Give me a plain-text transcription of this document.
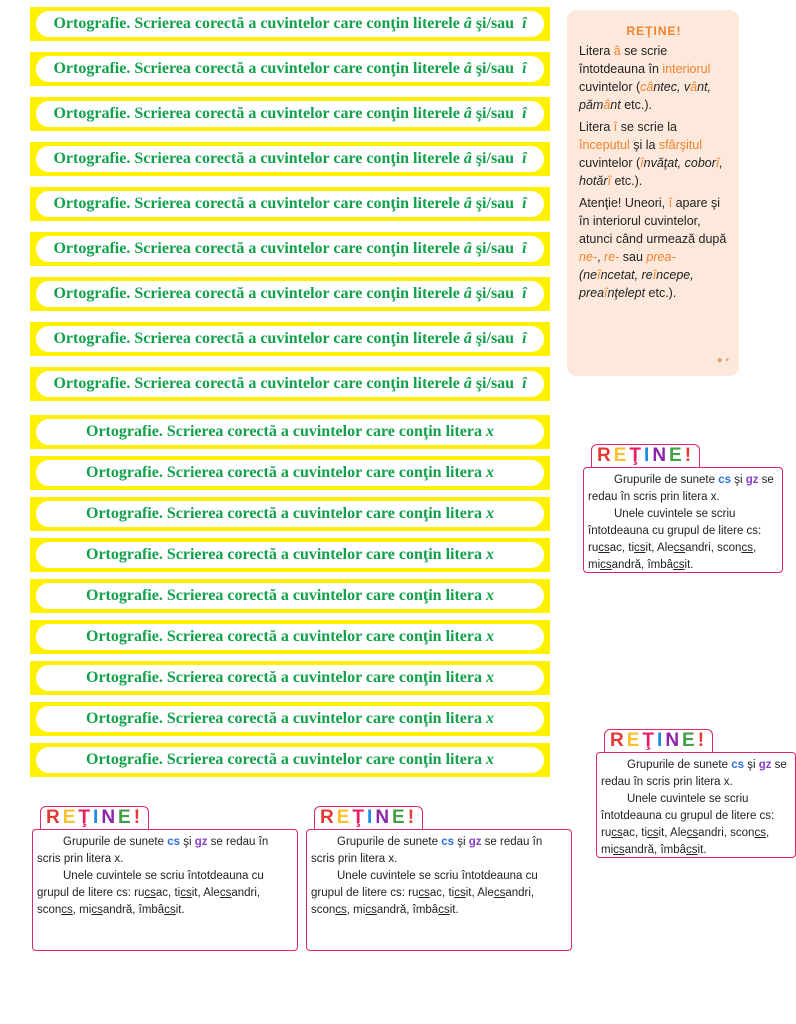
Ortografie. Scrierea corectă a cuvintelor care conţin literele â şi/sau î
Ortografie. Scrierea corectă a cuvintelor care conţin literele â şi/sau î
Ortografie. Scrierea corectă a cuvintelor care conţin literele â şi/sau î
Ortografie. Scrierea corectă a cuvintelor care conţin literele â şi/sau î
Ortografie. Scrierea corectă a cuvintelor care conţin literele â şi/sau î
Ortografie. Scrierea corectă a cuvintelor care conţin literele â şi/sau î
Ortografie. Scrierea corectă a cuvintelor care conţin literele â şi/sau î
Ortografie. Scrierea corectă a cuvintelor care conţin literele â şi/sau î
Ortografie. Scrierea corectă a cuvintelor care conţin literele â şi/sau î
Ortografie. Scrierea corectă a cuvintelor care conţin litera x
Ortografie. Scrierea corectă a cuvintelor care conţin litera x
Ortografie. Scrierea corectă a cuvintelor care conţin litera x
Ortografie. Scrierea corectă a cuvintelor care conţin litera x
Ortografie. Scrierea corectă a cuvintelor care conţin litera x
Ortografie. Scrierea corectă a cuvintelor care conţin litera x
Ortografie. Scrierea corectă a cuvintelor care conţin litera x
Ortografie. Scrierea corectă a cuvintelor care conţin litera x
Ortografie. Scrierea corectă a cuvintelor care conţin litera x
REŢINE!

Litera â se scrie întotdeauna în interiorul cuvintelor (cântec, vânt, pământ etc.).

Litera î se scrie la începutul şi la sfârşitul cuvintelor (învăţat, coborî, hotărî etc.).

Atenţie! Uneori, î apare şi în interiorul cuvintelor, atunci când urmează după ne-, re- sau prea- (neîncetat, reîncepe, preaînţelept etc.).

● •
REŢINE!
Grupurile de sunete cs şi gz se redau în scris prin litera x.
Unele cuvintele se scriu întotdeauna cu grupul de litere cs: rucsac, ticsit, Alecsandri, sconcs, micsandră, îmbâcsit.
REŢINE!
Grupurile de sunete cs şi gz se redau în scris prin litera x.
Unele cuvintele se scriu întotdeauna cu grupul de litere cs: rucsac, ticsit, Alecsandri, sconcs, micsandră, îmbâcsit.
REŢINE!
Grupurile de sunete cs şi gz se redau în scris prin litera x.
Unele cuvintele se scriu întotdeauna cu grupul de litere cs: rucsac, ticsit, Alecsandri, sconcs, micsandră, îmbâcsit.
REŢINE!
Grupurile de sunete cs şi gz se redau în scris prin litera x.
Unele cuvintele se scriu întotdeauna cu grupul de litere cs: rucsac, ticsit, Alecsandri, sconcs, micsandră, îmbâcsit.
